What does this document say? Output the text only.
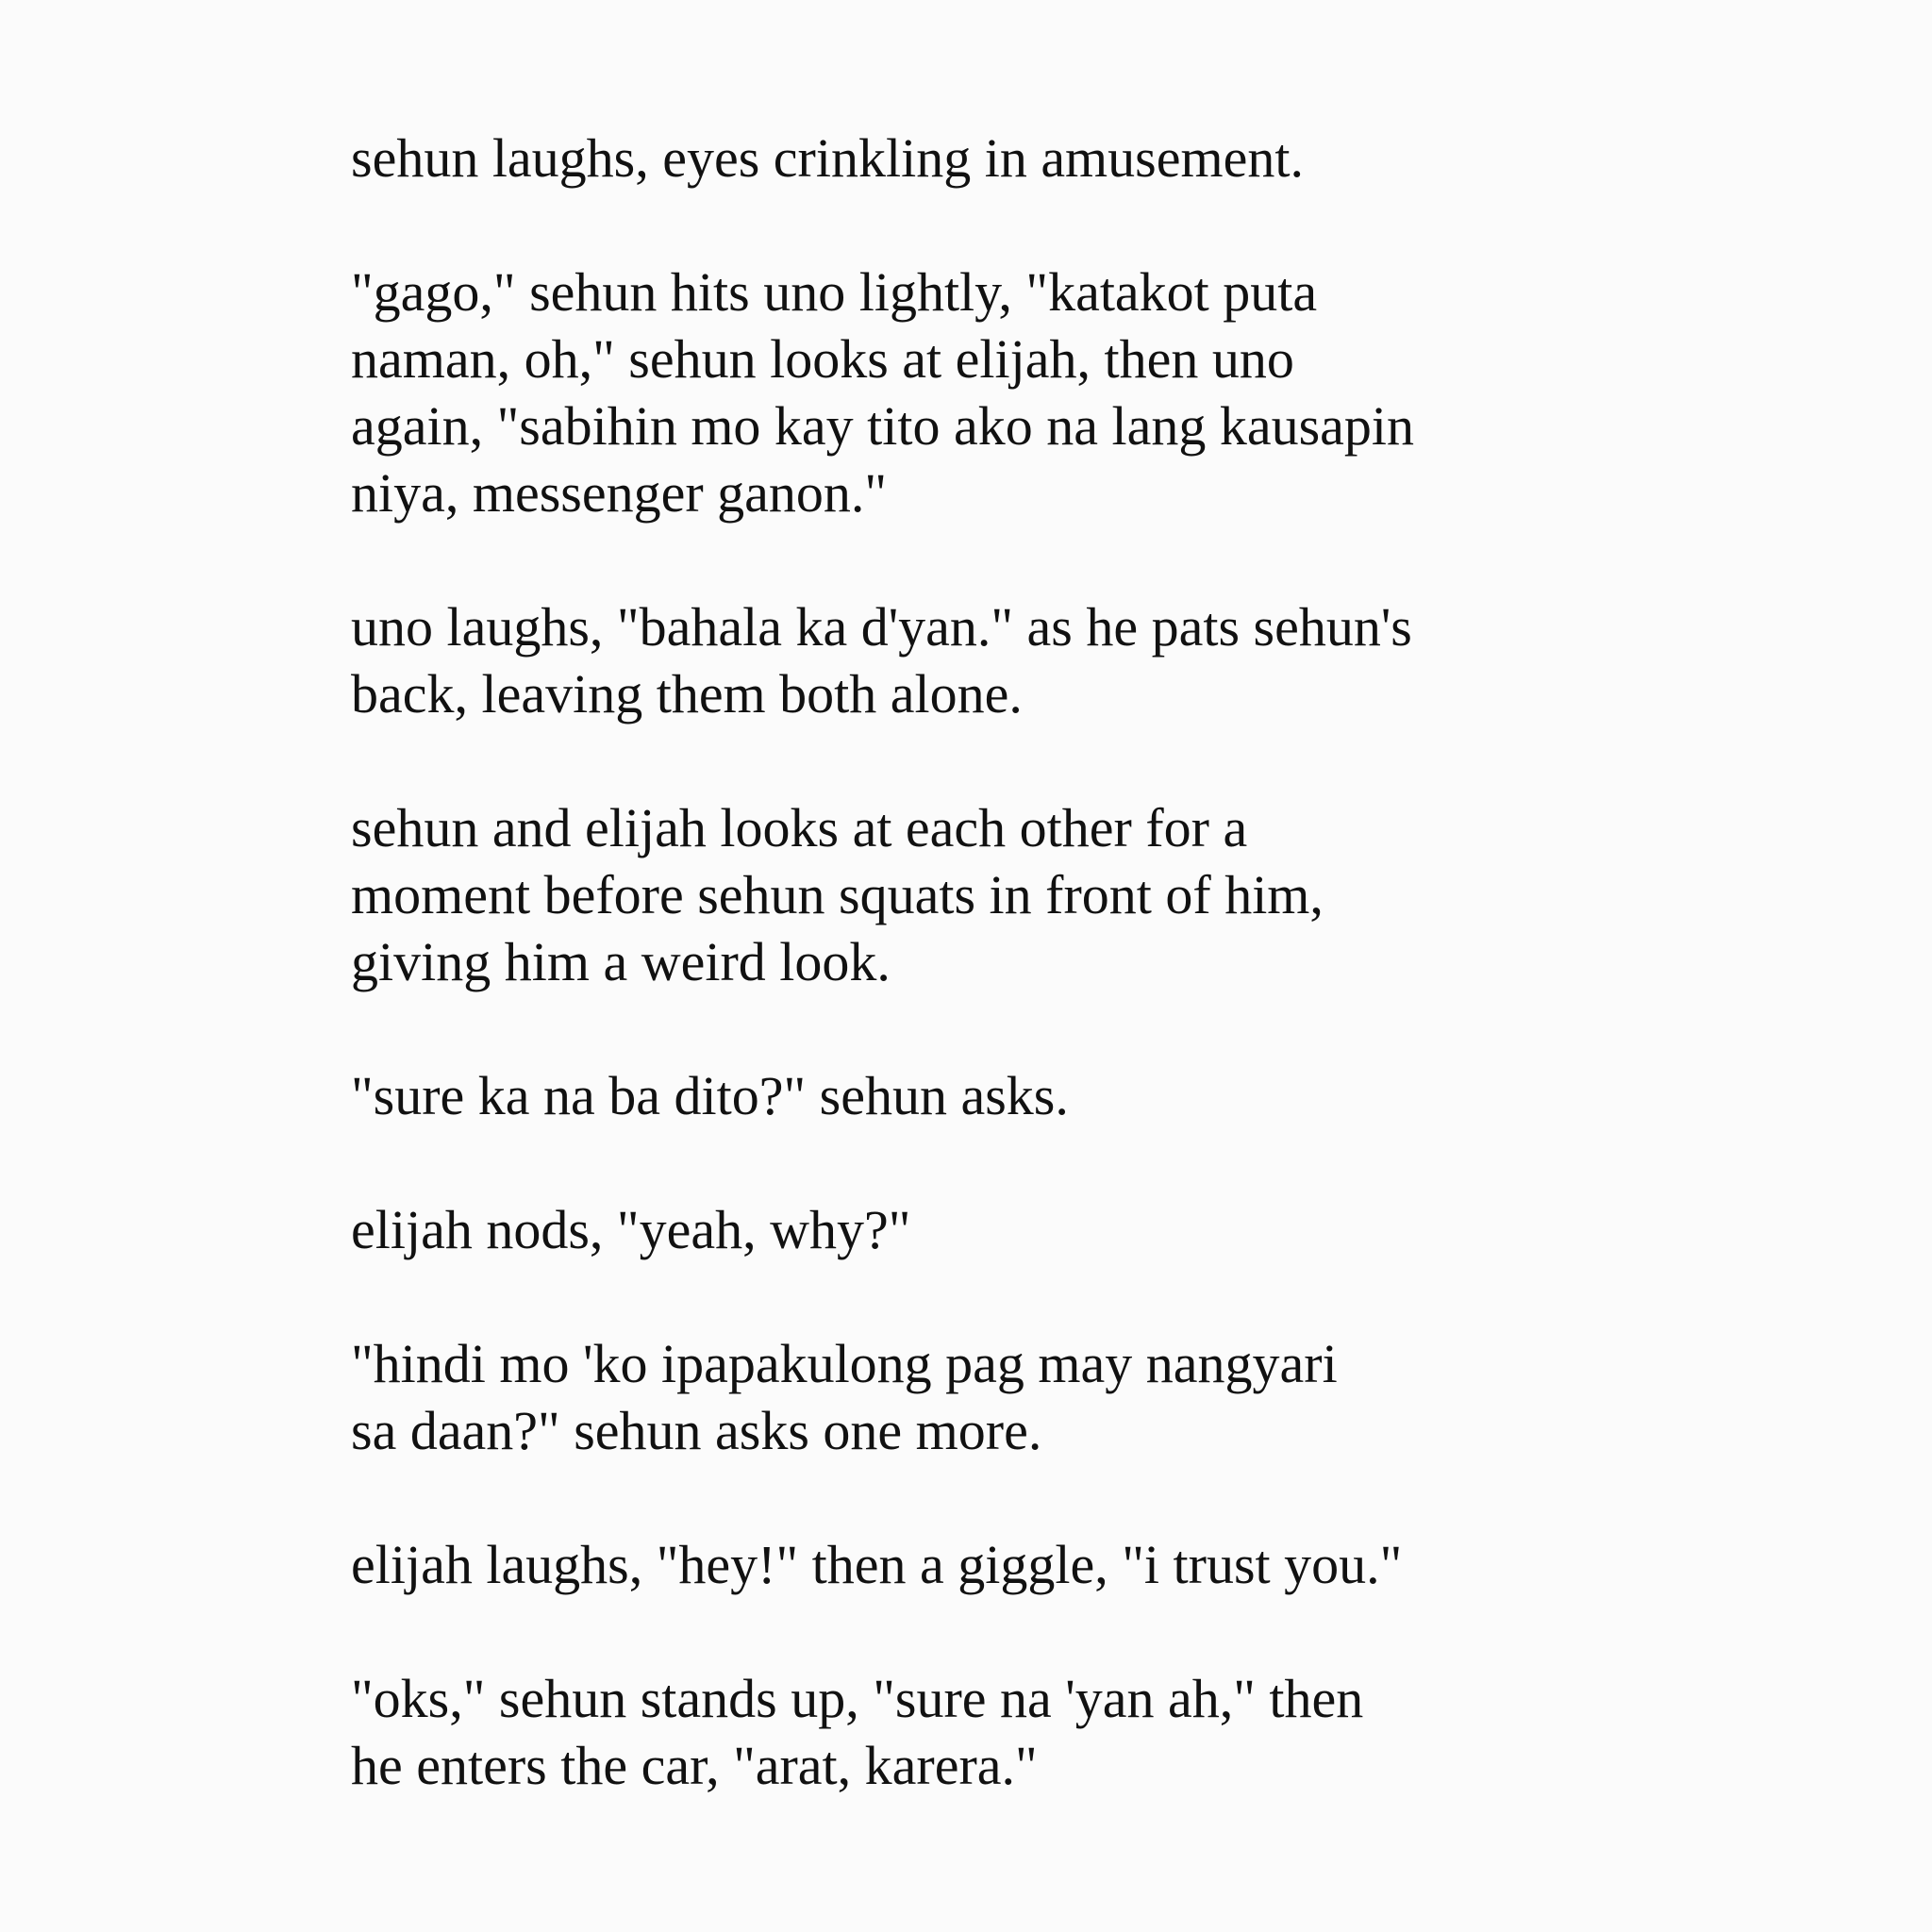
sehun laughs, eyes crinkling in amusement.

"gago," sehun hits uno lightly, "katakot puta
naman, oh," sehun looks at elijah, then uno
again, "sabihin mo kay tito ako na lang kausapin
niya, messenger ganon."

uno laughs, "bahala ka d'yan." as he pats sehun's
back, leaving them both alone.

sehun and elijah looks at each other for a
moment before sehun squats in front of him,
giving him a weird look.

"sure ka na ba dito?" sehun asks.

elijah nods, "yeah, why?"

"hindi mo 'ko ipapakulong pag may nangyari
sa daan?" sehun asks one more.

elijah laughs, "hey!" then a giggle, "i trust you."

"oks," sehun stands up, "sure na 'yan ah," then
he enters the car, "arat, karera."
